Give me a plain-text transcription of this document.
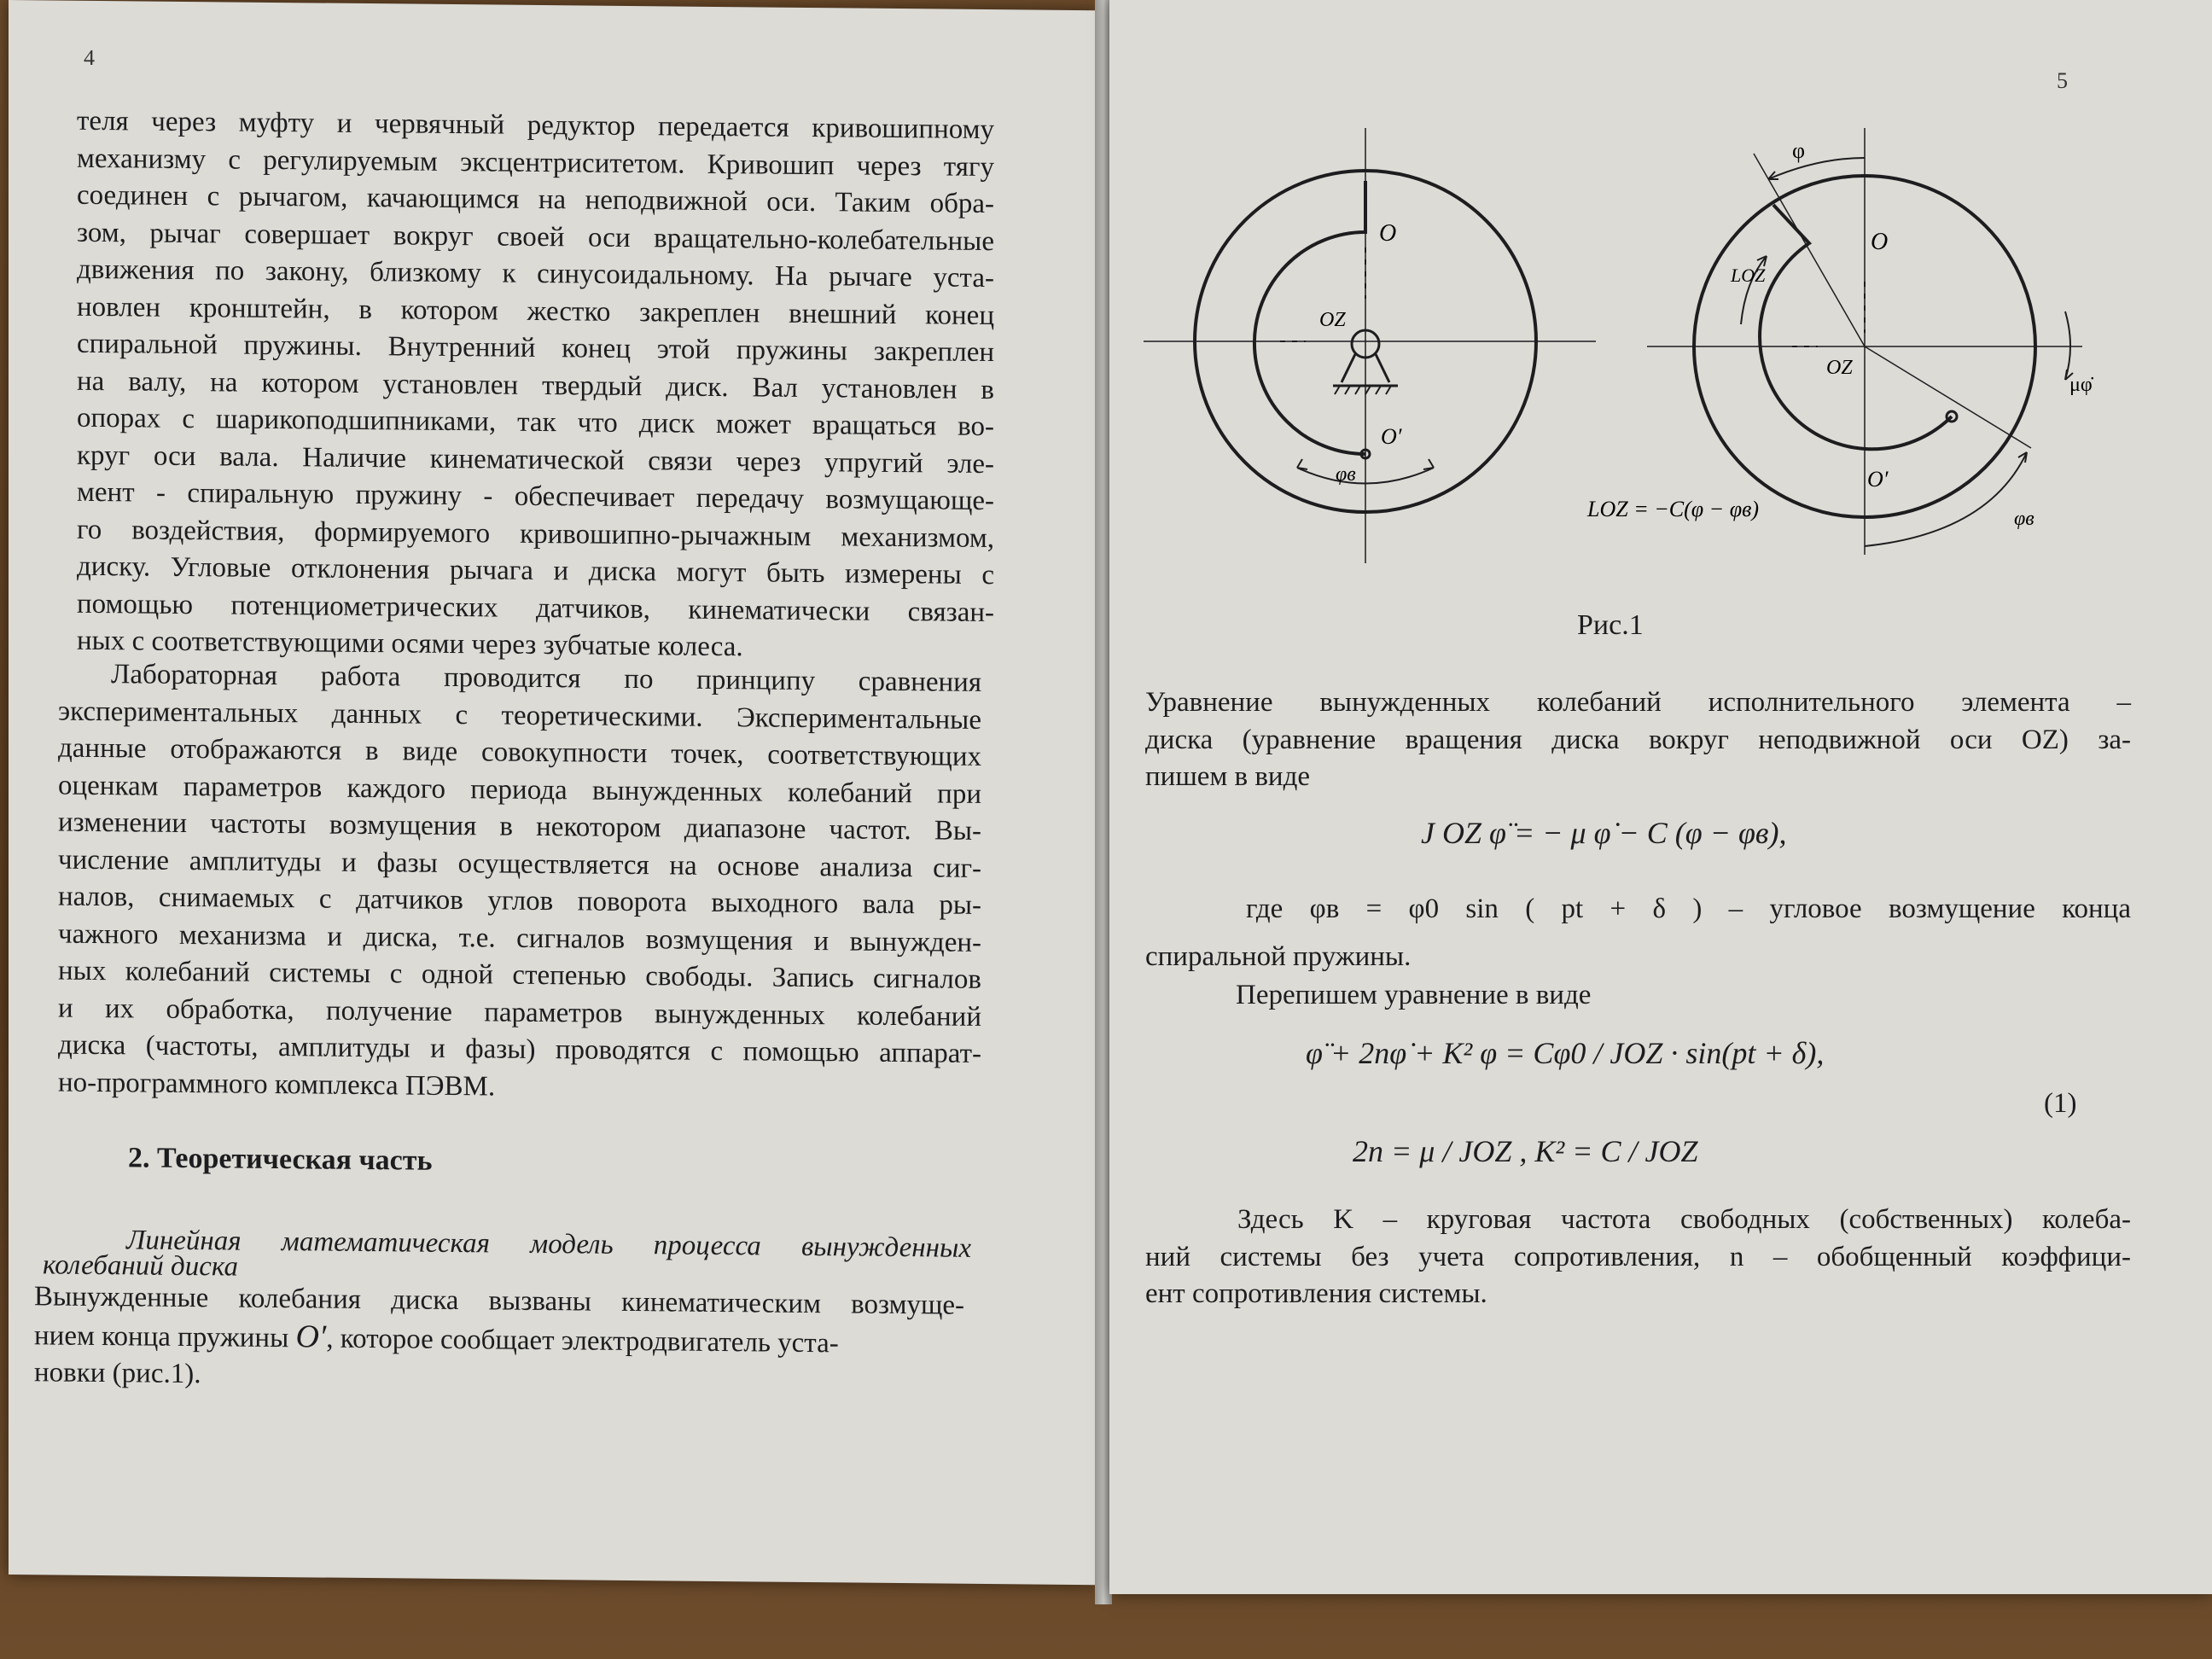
4
теля через муфту и червячный редуктор передается кривошипному
механизму с регулируемым эксцентриситетом. Кривошип через тягу
соединен с рычагом, качающимся на неподвижной оси. Таким обра-
зом, рычаг совершает вокруг своей оси вращательно-колебательные
движения по закону, близкому к синусоидальному. На рычаге уста-
новлен кронштейн, в котором жестко закреплен внешний конец
спиральной пружины. Внутренний конец этой пружины закреплен
на валу, на котором установлен твердый диск. Вал установлен в
опорах с шарикоподшипниками, так что диск может вращаться во-
круг оси вала. Наличие кинематической связи через упругий эле-
мент - спиральную пружину - обеспечивает передачу возмущающе-
го воздействия, формируемого кривошипно-рычажным механизмом,
диску. Угловые отклонения рычага и диска могут быть измерены с
помощью потенциометрических датчиков, кинематически связан-
ных с соответствующими осями через зубчатые колеса.
Лабораторная работа проводится по принципу сравнения
экспериментальных данных с теоретическими. Экспериментальные
данные отображаются в виде совокупности точек, соответствующих
оценкам параметров каждого периода вынужденных колебаний при
изменении частоты возмущения в некотором диапазоне частот. Вы-
числение амплитуды и фазы осуществляется на основе анализа сиг-
налов, снимаемых с датчиков углов поворота выходного вала ры-
чажного механизма и диска, т.е. сигналов возмущения и вынужден-
ных колебаний системы с одной степенью свободы. Запись сигналов
и их обработка, получение параметров вынужденных колебаний
диска (частоты, амплитуды и фазы) проводятся с помощью аппарат-
но-программного комплекса ПЭВМ.
2. Теоретическая часть
Линейная математическая модель процесса вынужденных
колебаний диска
Вынужденные колебания диска вызваны кинематическим возмуще-
нием конца пружины O′, которое сообщает электродвигатель уста-
новки (рис.1).
5
O
OZ
O′
φв
φ
O
LOZ
OZ
μφ̇
O′
φв
LOZ = −C(φ − φв)
Рис.1
Уравнение вынужденных колебаний исполнительного элемента –
диска (уравнение вращения диска вокруг неподвижной оси OZ) за-
пишем в виде
J OZ φ̈ = − μ φ̇ − C (φ − φв),
где φв = φ0 sin ( pt + δ ) – угловое возмущение конца
спиральной пружины.
Перепишем уравнение в виде
φ̈ + 2nφ̇ + K² φ = Cφ0 / JOZ · sin(pt + δ),
(1)
2n = μ / JOZ , K² = C / JOZ
Здесь K – круговая частота свободных (собственных) колеба-
ний системы без учета сопротивления, n – обобщенный коэффици-
ент сопротивления системы.
